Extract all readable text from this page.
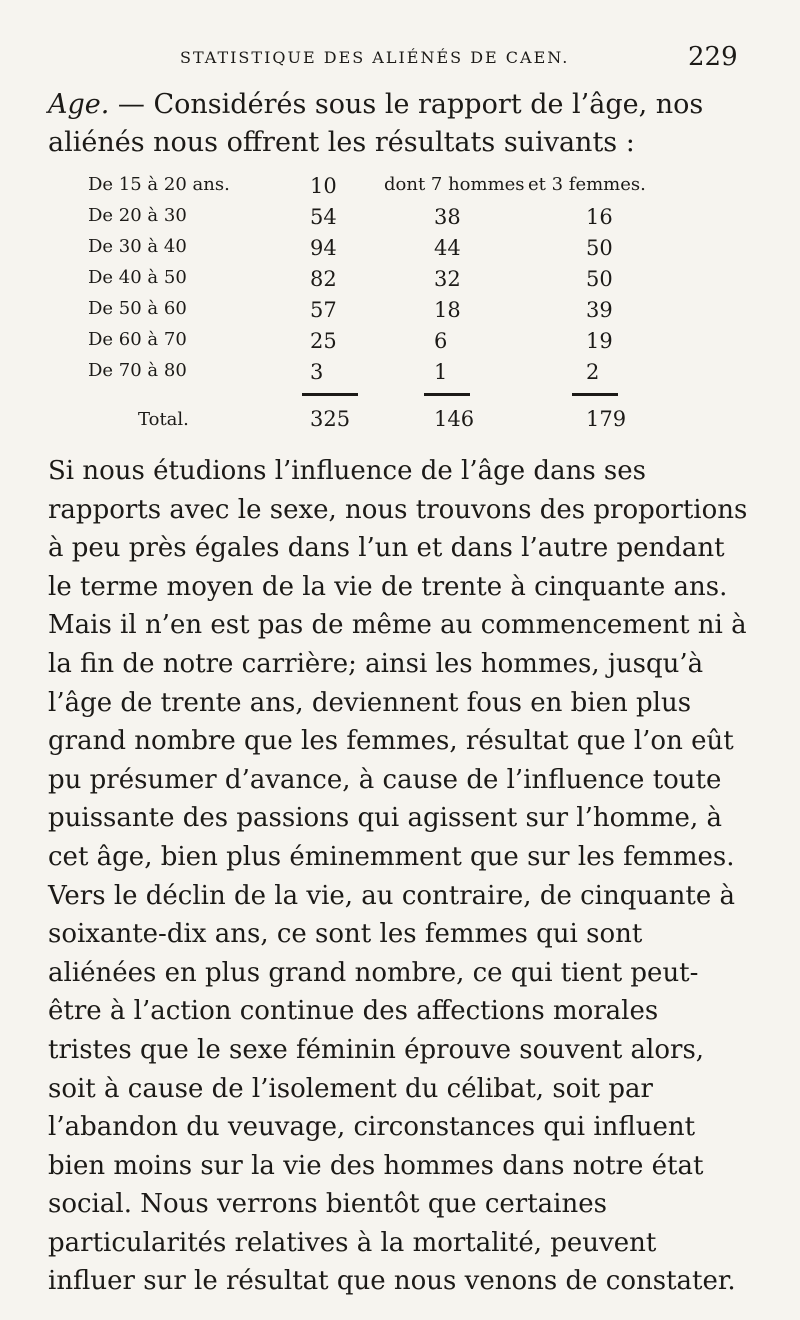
STATISTIQUE DES ALIÉNÉS DE CAEN.	229
Age. — Considérés sous le rapport de l’âge, nos aliénés nous offrent les résultats suivants :
De 15 à 20 ans.	10	dont 7 hommes et 3 femmes.
De 20 à 30	54	38	16
De 30 à 40	94	44	50
De 40 à 50	82	32	50
De 50 à 60	57	18	39
De 60 à 70	25	6	19
De 70 à 80	3	1	2
Total.	325	146	179

Si nous étudions l’influence de l’âge dans ses rapports avec le sexe, nous trouvons des proportions à peu près égales dans l’un et dans l’autre pendant le terme moyen de la vie de trente à cinquante ans. Mais il n’en est pas de même au commencement ni à la fin de notre carrière; ainsi les hommes, jusqu’à l’âge de trente ans, deviennent fous en bien plus grand nombre que les femmes, résultat que l’on eût pu présumer d’avance, à cause de l’influence toute puissante des passions qui agissent sur l’homme, à cet âge, bien plus éminemment que sur les femmes. Vers le déclin de la vie, au contraire, de cinquante à soixante-dix ans, ce sont les femmes qui sont aliénées en plus grand nombre, ce qui tient peut-être à l’action continue des affections morales tristes que le sexe féminin éprouve souvent alors, soit à cause de l’isolement du célibat, soit par l’abandon du veuvage, circonstances qui influent bien moins sur la vie des hommes dans notre état social. Nous verrons bientôt que certaines particularités relatives à la mortalité, peuvent influer sur le résultat que nous venons de constater.
